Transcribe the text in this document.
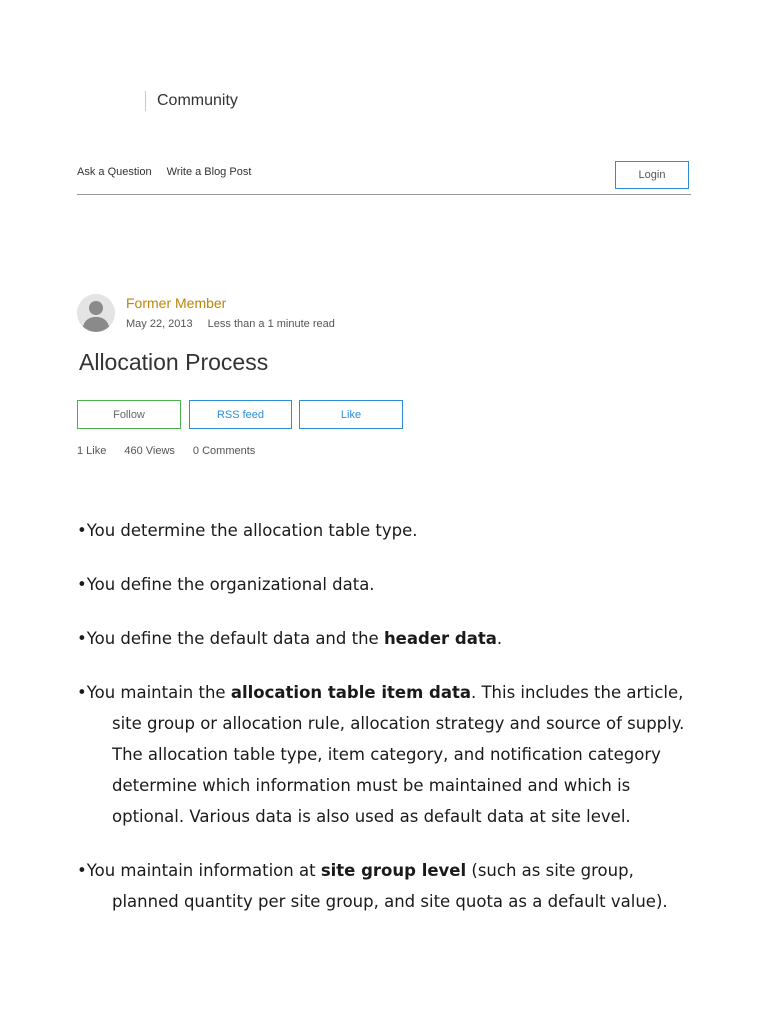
Community
Ask a Question Write a Blog Post	Login
Former Member
May 22, 2013 Less than a 1 minute read
Allocation Process
Follow	RSS feed	Like
1 Like 460 Views 0 Comments

•You determine the allocation table type.

•You define the organizational data.

•You define the default data and the header data.

•You maintain the allocation table item data. This includes the article, site group or allocation rule, allocation strategy and source of supply. The allocation table type, item category, and notification category determine which information must be maintained and which is optional. Various data is also used as default data at site level.

•You maintain information at site group level (such as site group, planned quantity per site group, and site quota as a default value).
